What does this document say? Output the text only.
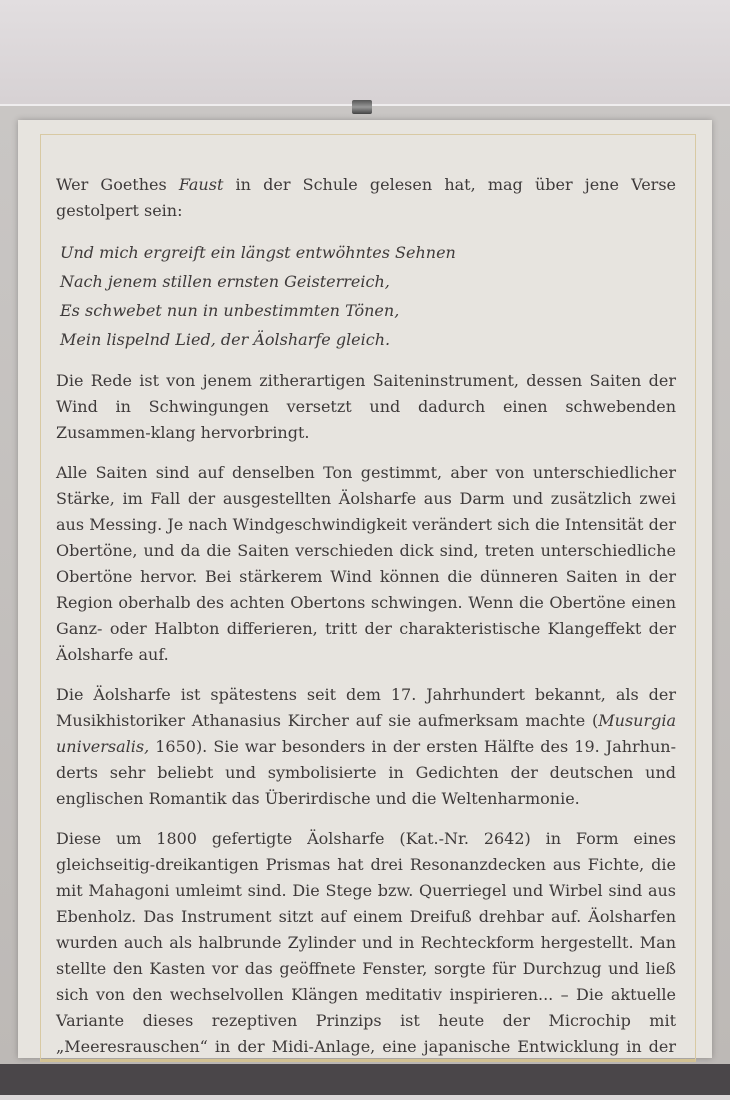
Wer Goethes Faust in der Schule gelesen hat, mag über jene Verse gestolpert sein:

Und mich ergreift ein längst entwöhntes Sehnen
Nach jenem stillen ernsten Geisterreich,
Es schwebet nun in unbestimmten Tönen,
Mein lispelnd Lied, der Äolsharfe gleich.

Die Rede ist von jenem zitherartigen Saiteninstrument, dessen Saiten der Wind in Schwingungen versetzt und dadurch einen schwebenden Zusammen-klang hervorbringt.

Alle Saiten sind auf denselben Ton gestimmt, aber von unterschiedlicher Stärke, im Fall der ausgestellten Äolsharfe aus Darm und zusätzlich zwei aus Messing. Je nach Windgeschwindigkeit verändert sich die Intensität der Obertöne, und da die Saiten verschieden dick sind, treten unterschiedliche Obertöne hervor. Bei stärkerem Wind können die dünneren Saiten in der Region oberhalb des achten Obertons schwingen. Wenn die Obertöne einen Ganz- oder Halbton differieren, tritt der charakteristische Klangeffekt der Äolsharfe auf.

Die Äolsharfe ist spätestens seit dem 17. Jahrhundert bekannt, als der Musikhistoriker Athanasius Kircher auf sie aufmerksam machte (Musurgia universalis, 1650). Sie war besonders in der ersten Hälfte des 19. Jahrhun-derts sehr beliebt und symbolisierte in Gedichten der deutschen und englischen Romantik das Überirdische und die Weltenharmonie.

Diese um 1800 gefertigte Äolsharfe (Kat.-Nr. 2642) in Form eines gleichseitig-dreikantigen Prismas hat drei Resonanzdecken aus Fichte, die mit Mahagoni umleimt sind. Die Stege bzw. Querriegel und Wirbel sind aus Ebenholz. Das Instrument sitzt auf einem Dreifuß drehbar auf. Äolsharfen wurden auch als halbrunde Zylinder und in Rechteckform hergestellt. Man stellte den Kasten vor das geöffnete Fenster, sorgte für Durchzug und ließ sich von den wechselvollen Klängen meditativ inspirieren... – Die aktuelle Variante dieses rezeptiven Prinzips ist heute der Microchip mit „Meeresrauschen“ in der Midi-Anlage, eine japanische Entwicklung in der
